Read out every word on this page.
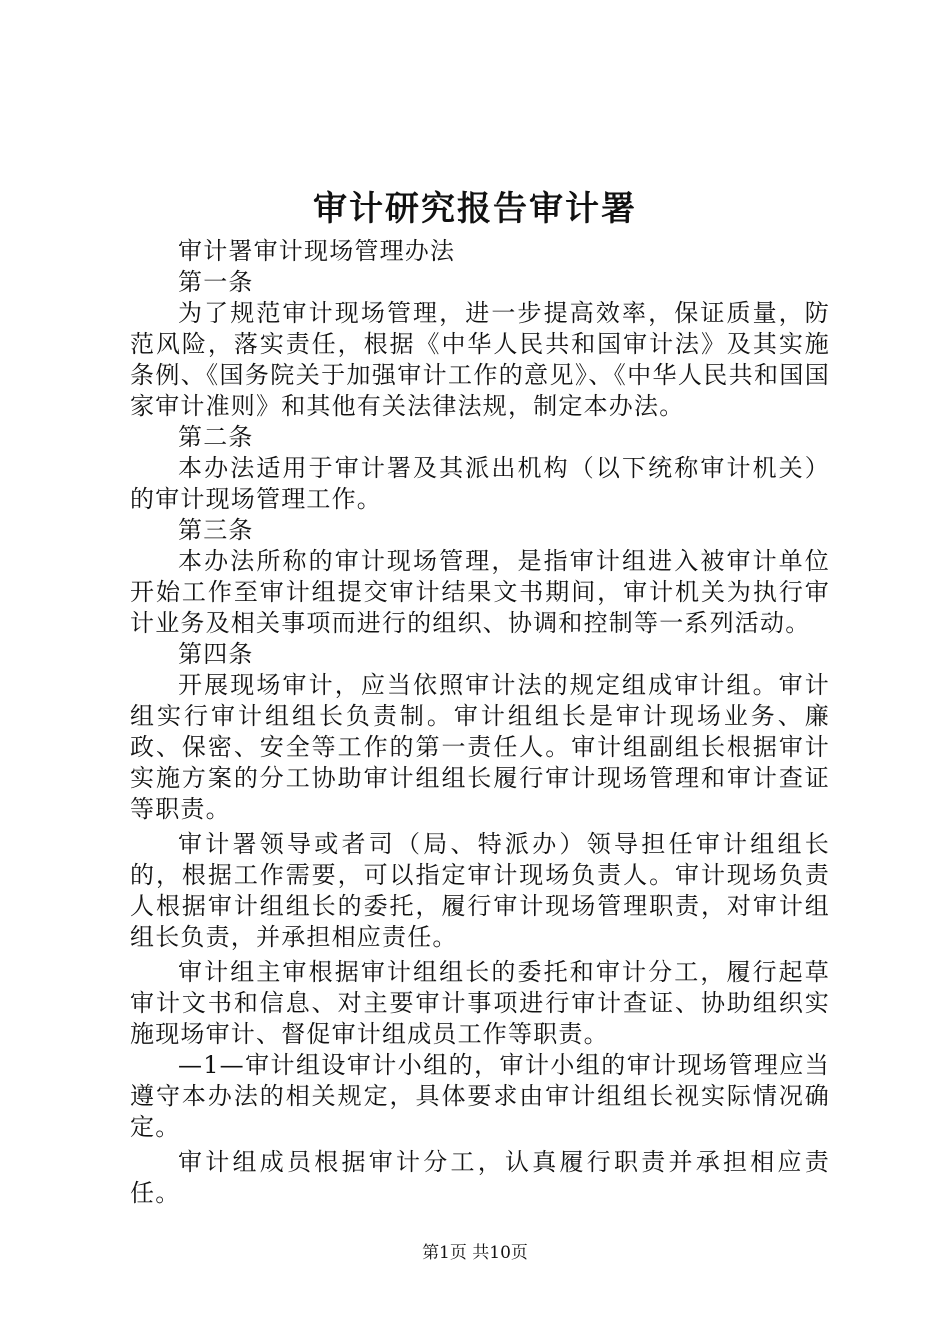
审计研究报告审计署

审计署审计现场管理办法

第一条

为了规范审计现场管理，进一步提高效率，保证质量，防范风险，落实责任，根据《中华人民共和国审计法》及其实施条例、《国务院关于加强审计工作的意见》、《中华人民共和国国家审计准则》和其他有关法律法规，制定本办法。

第二条

本办法适用于审计署及其派出机构（以下统称审计机关）的审计现场管理工作。

第三条

本办法所称的审计现场管理，是指审计组进入被审计单位开始工作至审计组提交审计结果文书期间，审计机关为执行审计业务及相关事项而进行的组织、协调和控制等一系列活动。

第四条

开展现场审计，应当依照审计法的规定组成审计组。审计组实行审计组组长负责制。审计组组长是审计现场业务、廉政、保密、安全等工作的第一责任人。审计组副组长根据审计实施方案的分工协助审计组组长履行审计现场管理和审计查证等职责。

审计署领导或者司（局、特派办）领导担任审计组组长的，根据工作需要，可以指定审计现场负责人。审计现场负责人根据审计组组长的委托，履行审计现场管理职责，对审计组组长负责，并承担相应责任。

审计组主审根据审计组组长的委托和审计分工，履行起草审计文书和信息、对主要审计事项进行审计查证、协助组织实施现场审计、督促审计组成员工作等职责。

—1—审计组设审计小组的，审计小组的审计现场管理应当遵守本办法的相关规定，具体要求由审计组组长视实际情况确定。

审计组成员根据审计分工，认真履行职责并承担相应责任。

第1页 共10页
